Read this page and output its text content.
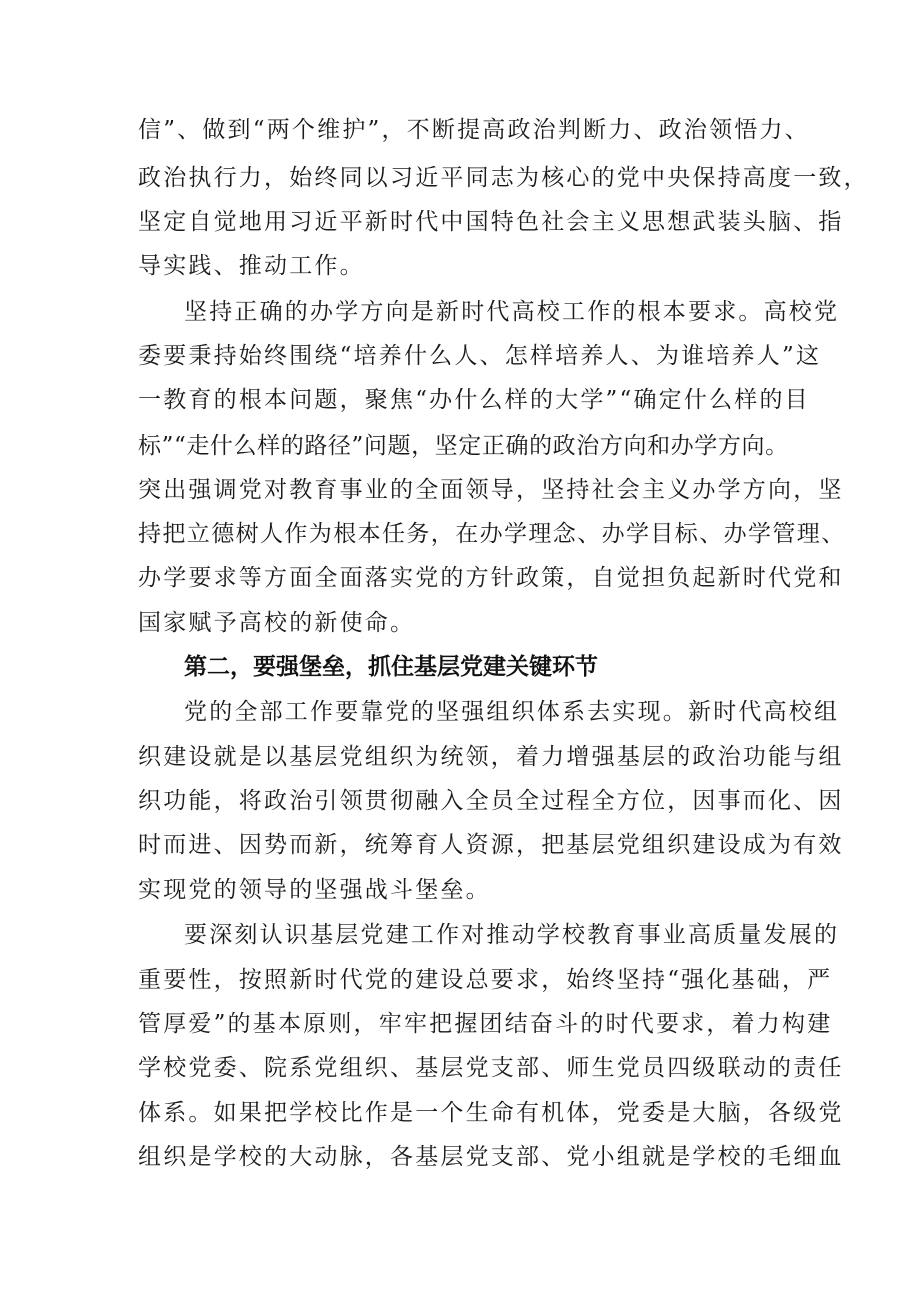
信”、做到“两个维护”，不断提高政治判断力、政治领悟力、
政治执行力，始终同以习近平同志为核心的党中央保持高度一致，
坚定自觉地用习近平新时代中国特色社会主义思想武装头脑、指
导实践、推动工作。
坚持正确的办学方向是新时代高校工作的根本要求。高校党
委要秉持始终围绕“培养什么人、怎样培养人、为谁培养人”这
一教育的根本问题，聚焦“办什么样的大学”“确定什么样的目
标”“走什么样的路径”问题，坚定正确的政治方向和办学方向。
突出强调党对教育事业的全面领导，坚持社会主义办学方向，坚
持把立德树人作为根本任务，在办学理念、办学目标、办学管理、
办学要求等方面全面落实党的方针政策，自觉担负起新时代党和
国家赋予高校的新使命。
第二，要强堡垒，抓住基层党建关键环节
党的全部工作要靠党的坚强组织体系去实现。新时代高校组
织建设就是以基层党组织为统领，着力增强基层的政治功能与组
织功能，将政治引领贯彻融入全员全过程全方位，因事而化、因
时而进、因势而新，统筹育人资源，把基层党组织建设成为有效
实现党的领导的坚强战斗堡垒。
要深刻认识基层党建工作对推动学校教育事业高质量发展的
重要性，按照新时代党的建设总要求，始终坚持“强化基础，严
管厚爱”的基本原则，牢牢把握团结奋斗的时代要求，着力构建
学校党委、院系党组织、基层党支部、师生党员四级联动的责任
体系。如果把学校比作是一个生命有机体，党委是大脑，各级党
组织是学校的大动脉，各基层党支部、党小组就是学校的毛细血
